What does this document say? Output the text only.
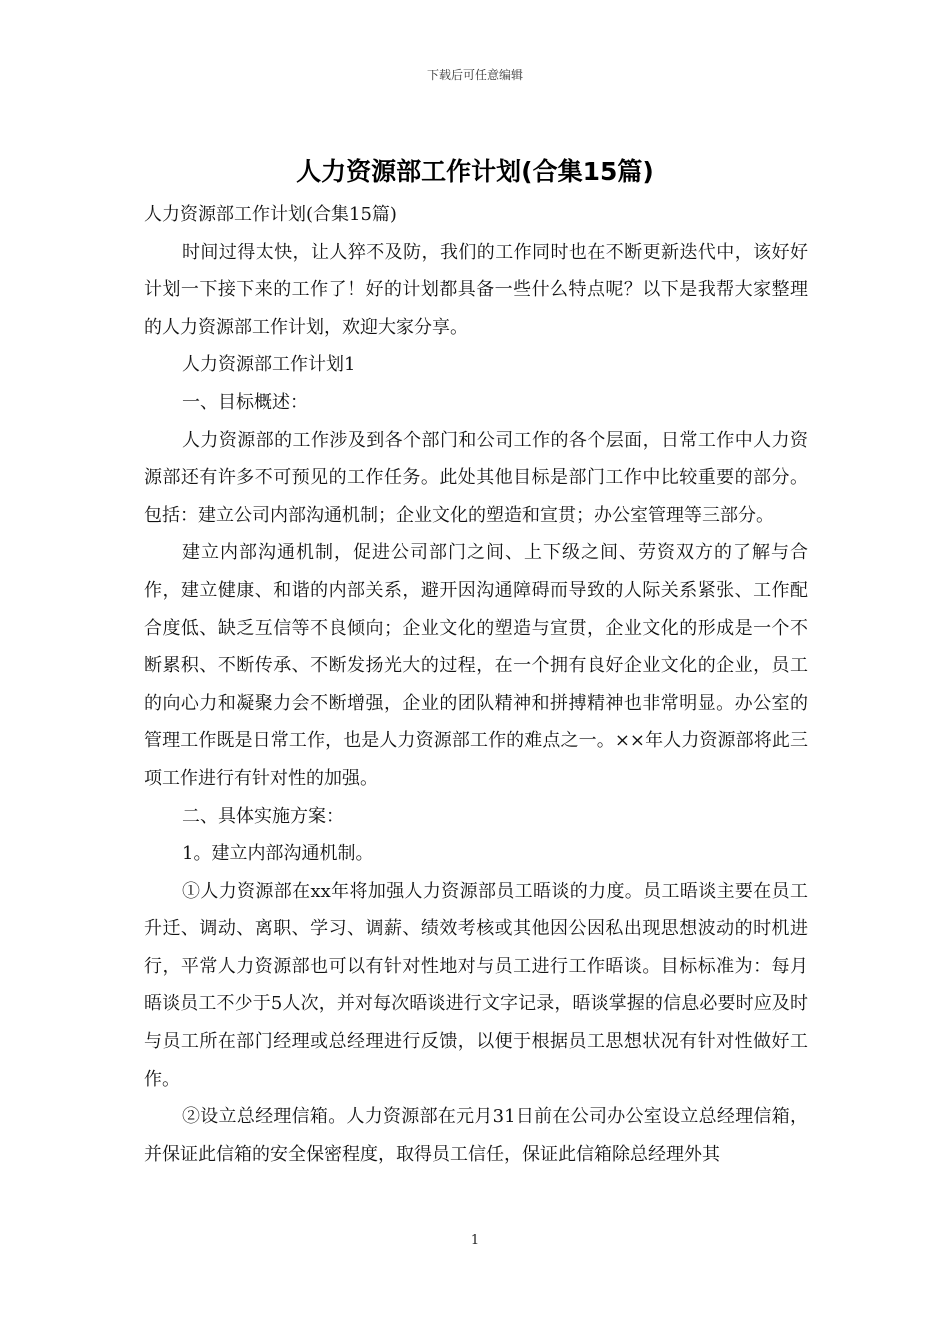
下载后可任意编辑
人力资源部工作计划(合集15篇)

人力资源部工作计划(合集15篇)

时间过得太快，让人猝不及防，我们的工作同时也在不断更新迭代中，该好好计划一下接下来的工作了！好的计划都具备一些什么特点呢？以下是我帮大家整理的人力资源部工作计划，欢迎大家分享。

人力资源部工作计划1

一、目标概述：

人力资源部的工作涉及到各个部门和公司工作的各个层面，日常工作中人力资源部还有许多不可预见的工作任务。此处其他目标是部门工作中比较重要的部分。包括：建立公司内部沟通机制；企业文化的塑造和宣贯；办公室管理等三部分。

建立内部沟通机制，促进公司部门之间、上下级之间、劳资双方的了解与合作，建立健康、和谐的内部关系，避开因沟通障碍而导致的人际关系紧张、工作配合度低、缺乏互信等不良倾向；企业文化的塑造与宣贯，企业文化的形成是一个不断累积、不断传承、不断发扬光大的过程，在一个拥有良好企业文化的企业，员工的向心力和凝聚力会不断增强，企业的团队精神和拼搏精神也非常明显。办公室的管理工作既是日常工作，也是人力资源部工作的难点之一。××年人力资源部将此三项工作进行有针对性的加强。

二、具体实施方案：

1。建立内部沟通机制。

①人力资源部在xx年将加强人力资源部员工晤谈的力度。员工晤谈主要在员工升迁、调动、离职、学习、调薪、绩效考核或其他因公因私出现思想波动的时机进行，平常人力资源部也可以有针对性地对与员工进行工作晤谈。目标标准为：每月晤谈员工不少于5人次，并对每次晤谈进行文字记录，晤谈掌握的信息必要时应及时与员工所在部门经理或总经理进行反馈，以便于根据员工思想状况有针对性做好工作。

②设立总经理信箱。人力资源部在元月31日前在公司办公室设立总经理信箱，并保证此信箱的安全保密程度，取得员工信任，保证此信箱除总经理外其

1
